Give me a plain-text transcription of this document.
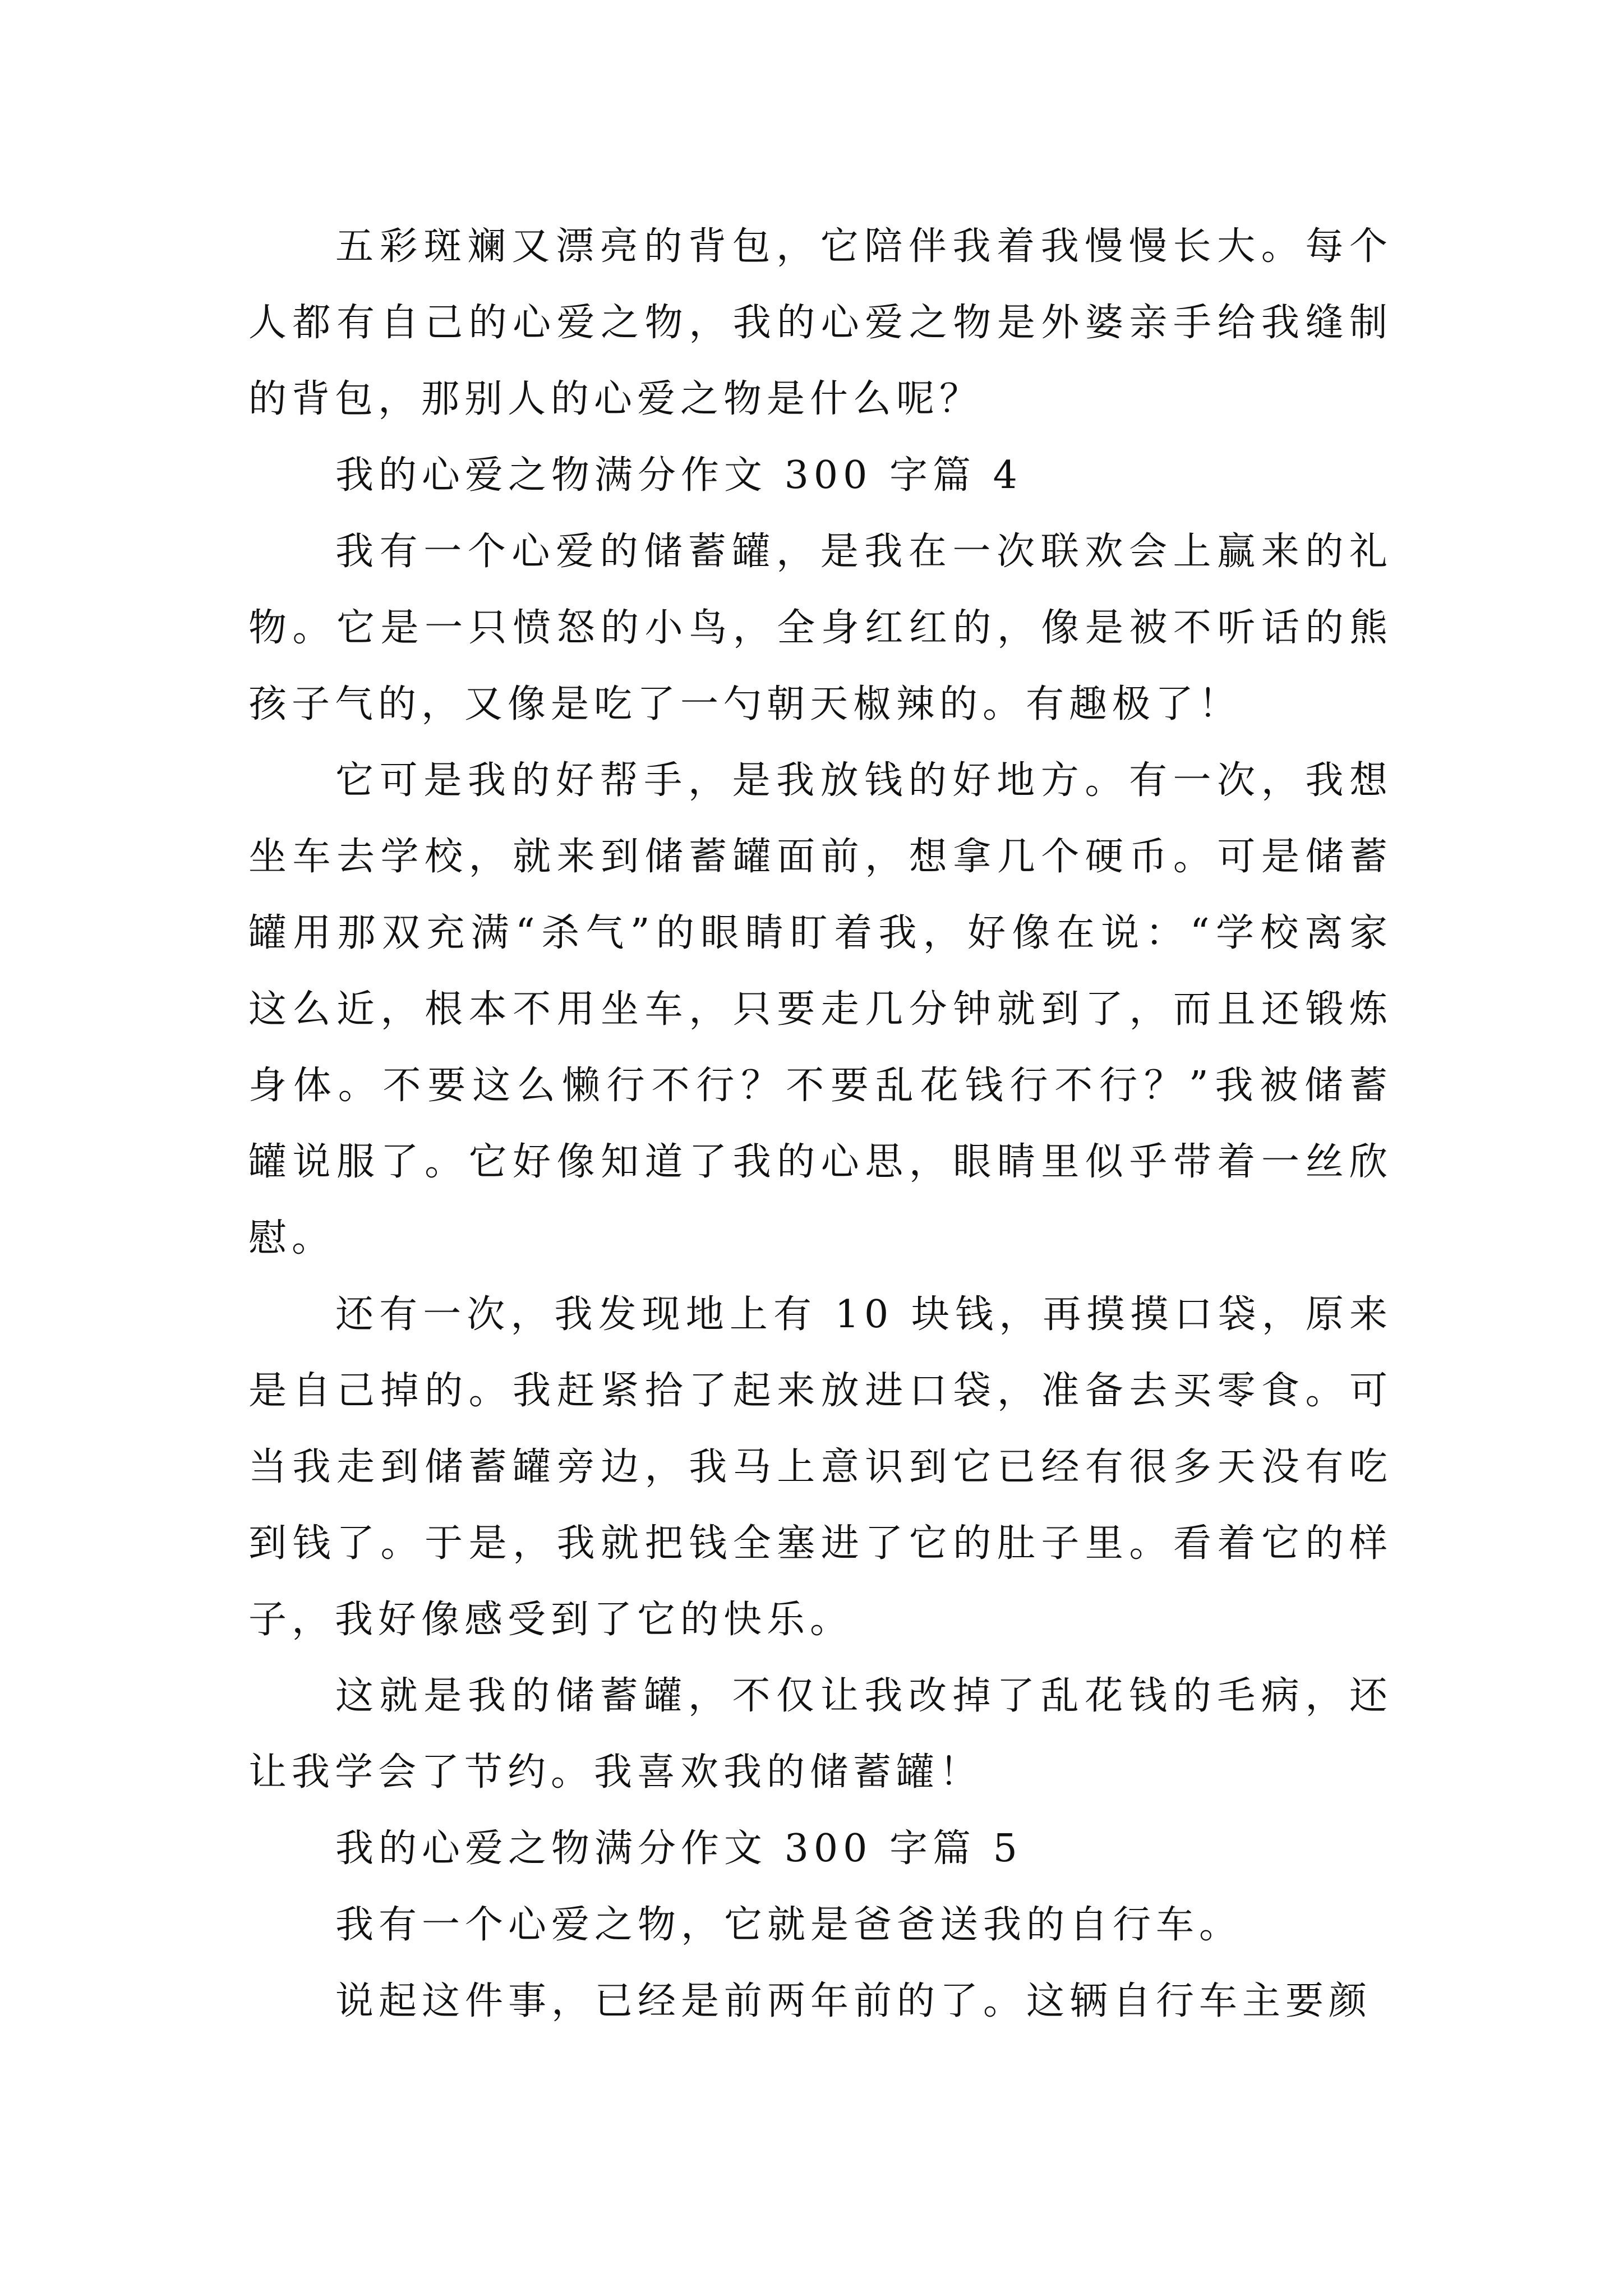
五彩斑斓又漂亮的背包，它陪伴我着我慢慢长大。每个人都有自己的心爱之物，我的心爱之物是外婆亲手给我缝制的背包，那别人的心爱之物是什么呢？

我的心爱之物满分作文 300 字篇 4

我有一个心爱的储蓄罐，是我在一次联欢会上赢来的礼物。它是一只愤怒的小鸟，全身红红的，像是被不听话的熊孩子气的，又像是吃了一勺朝天椒辣的。有趣极了！

它可是我的好帮手，是我放钱的好地方。有一次，我想坐车去学校，就来到储蓄罐面前，想拿几个硬币。可是储蓄罐用那双充满“杀气”的眼睛盯着我，好像在说：“学校离家这么近，根本不用坐车，只要走几分钟就到了，而且还锻炼身体。不要这么懒行不行？不要乱花钱行不行？”我被储蓄罐说服了。它好像知道了我的心思，眼睛里似乎带着一丝欣慰。

还有一次，我发现地上有 10 块钱，再摸摸口袋，原来是自己掉的。我赶紧拾了起来放进口袋，准备去买零食。可当我走到储蓄罐旁边，我马上意识到它已经有很多天没有吃到钱了。于是，我就把钱全塞进了它的肚子里。看着它的样子，我好像感受到了它的快乐。

这就是我的储蓄罐，不仅让我改掉了乱花钱的毛病，还让我学会了节约。我喜欢我的储蓄罐！

我的心爱之物满分作文 300 字篇 5

我有一个心爱之物，它就是爸爸送我的自行车。

说起这件事，已经是前两年前的了。这辆自行车主要颜
